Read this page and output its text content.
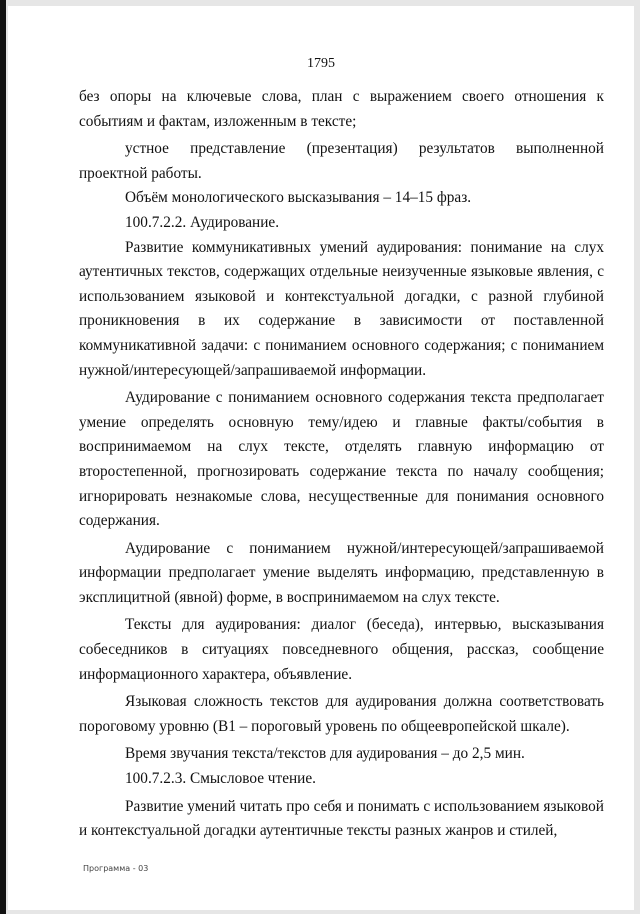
1795

без опоры на ключевые слова, план с выражением своего отношения к событиям и фактам, изложенным в тексте;

устное представление (презентация) результатов выполненной проектной работы.

Объём монологического высказывания – 14–15 фраз.

100.7.2.2. Аудирование.

Развитие коммуникативных умений аудирования: понимание на слух аутентичных текстов, содержащих отдельные неизученные языковые явления, с использованием языковой и контекстуальной догадки, с разной глубиной проникновения в их содержание в зависимости от поставленной коммуникативной задачи: с пониманием основного содержания; с пониманием нужной/интересующей/запрашиваемой информации.

Аудирование с пониманием основного содержания текста предполагает умение определять основную тему/идею и главные факты/события в воспринимаемом на слух тексте, отделять главную информацию от второстепенной, прогнозировать содержание текста по началу сообщения; игнорировать незнакомые слова, несущественные для понимания основного содержания.

Аудирование с пониманием нужной/интересующей/запрашиваемой информации предполагает умение выделять информацию, представленную в эксплицитной (явной) форме, в воспринимаемом на слух тексте.

Тексты для аудирования: диалог (беседа), интервью, высказывания собеседников в ситуациях повседневного общения, рассказ, сообщение информационного характера, объявление.

Языковая сложность текстов для аудирования должна соответствовать пороговому уровню (В1 – пороговый уровень по общеевропейской шкале).

Время звучания текста/текстов для аудирования – до 2,5 мин.

100.7.2.3. Смысловое чтение.

Развитие умений читать про себя и понимать с использованием языковой и контекстуальной догадки аутентичные тексты разных жанров и стилей,

Программа - 03
